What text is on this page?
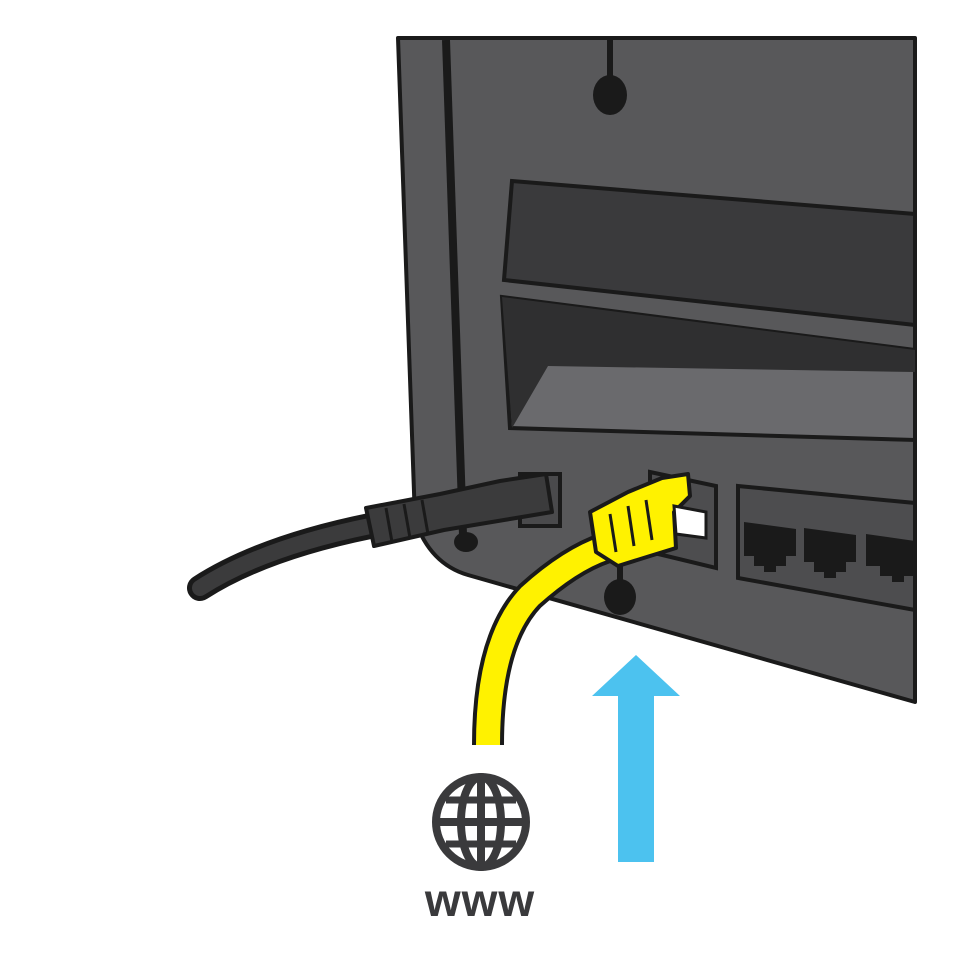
www
